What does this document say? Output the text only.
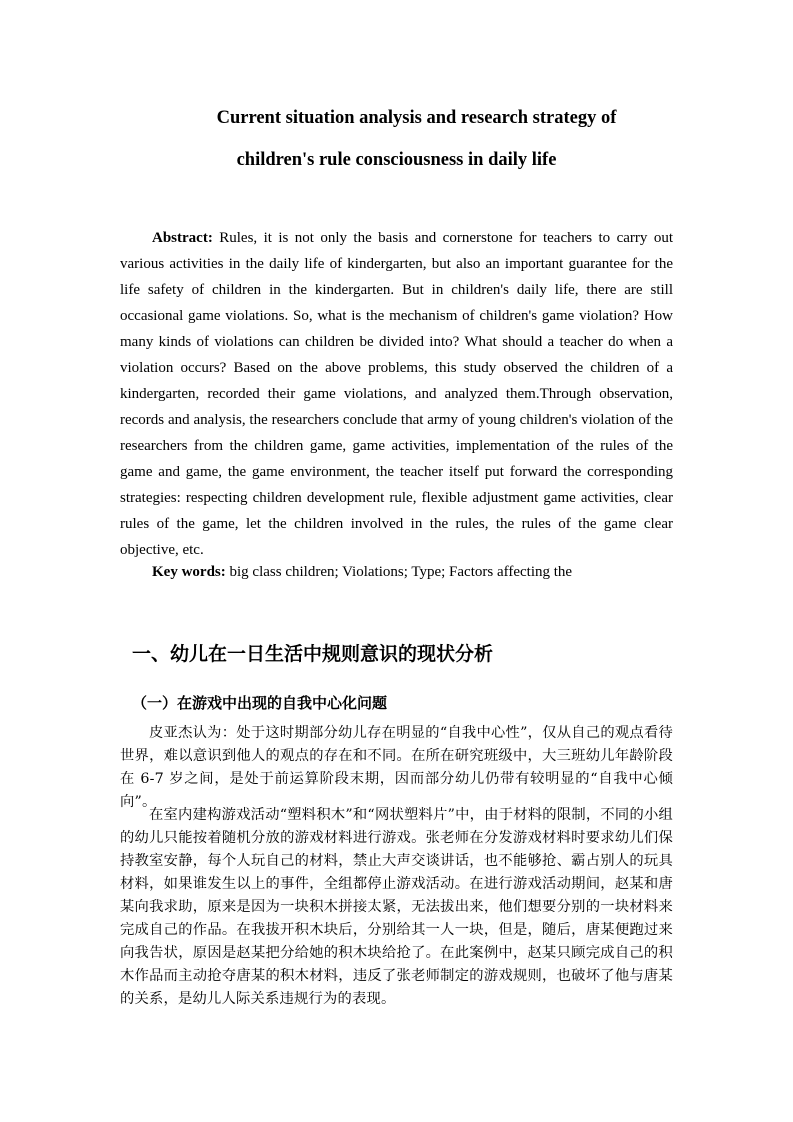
Current situation analysis and research strategy of
children's rule consciousness in daily life

Abstract: Rules, it is not only the basis and cornerstone for teachers to carry out various activities in the daily life of kindergarten, but also an important guarantee for the life safety of children in the kindergarten. But in children's daily life, there are still occasional game violations. So, what is the mechanism of children's game violation? How many kinds of violations can children be divided into? What should a teacher do when a violation occurs? Based on the above problems, this study observed the children of a kindergarten, recorded their game violations, and analyzed them.Through observation, records and analysis, the researchers conclude that army of young children's violation of the researchers from the children game, game activities, implementation of the rules of the game and game, the game environment, the teacher itself put forward the corresponding strategies: respecting children development rule, flexible adjustment game activities, clear rules of the game, let the children involved in the rules, the rules of the game clear objective, etc.

Key words: big class children; Violations; Type; Factors affecting the

一、幼儿在一日生活中规则意识的现状分析
（一）在游戏中出现的自我中心化问题

皮亚杰认为：处于这时期部分幼儿存在明显的“自我中心性”，仅从自己的观点看待世界，难以意识到他人的观点的存在和不同。在所在研究班级中，大三班幼儿年龄阶段在 6-7 岁之间，是处于前运算阶段末期，因而部分幼儿仍带有较明显的“自我中心倾向”。

在室内建构游戏活动“塑料积木”和“网状塑料片”中，由于材料的限制，不同的小组的幼儿只能按着随机分放的游戏材料进行游戏。张老师在分发游戏材料时要求幼儿们保持教室安静，每个人玩自己的材料，禁止大声交谈讲话，也不能够抢、霸占别人的玩具材料，如果谁发生以上的事件，全组都停止游戏活动。在进行游戏活动期间，赵某和唐某向我求助，原来是因为一块积木拼接太紧，无法拔出来，他们想要分别的一块材料来完成自己的作品。在我拔开积木块后，分别给其一人一块，但是，随后，唐某便跑过来向我告状，原因是赵某把分给她的积木块给抢了。在此案例中，赵某只顾完成自己的积木作品而主动抢夺唐某的积木材料，违反了张老师制定的游戏规则，也破坏了他与唐某的关系，是幼儿人际关系违规行为的表现。
